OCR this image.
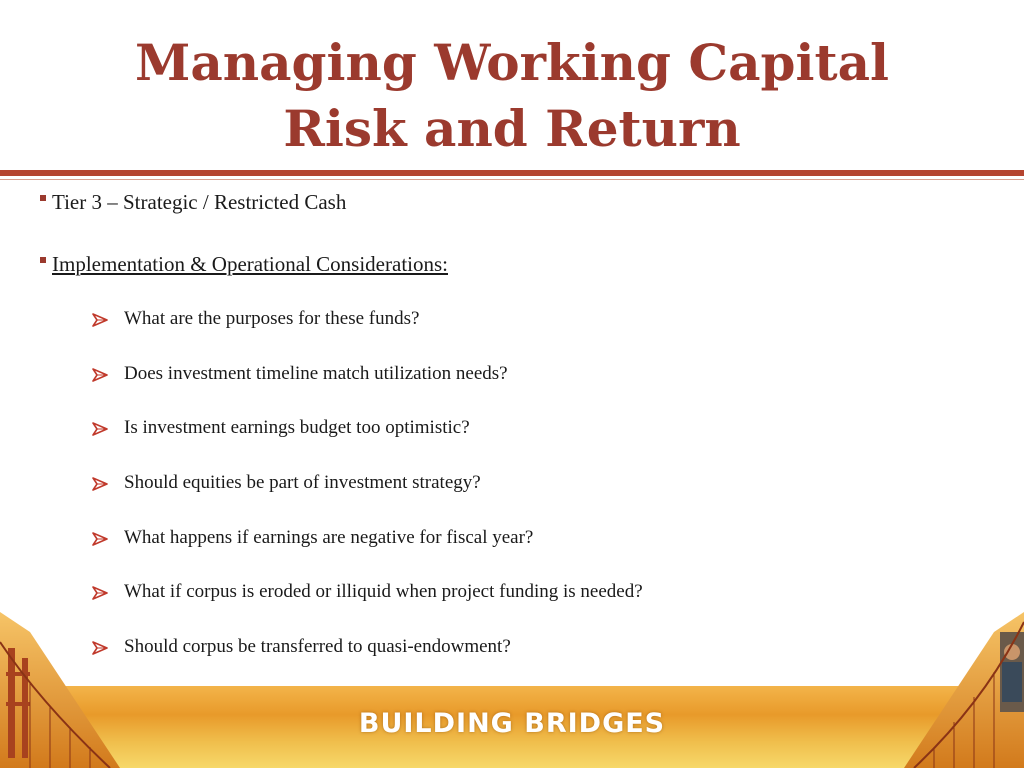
Managing Working Capital
Risk and Return
Tier 3 – Strategic / Restricted Cash
Implementation & Operational Considerations:
What are the purposes for these funds?
Does investment timeline match utilization needs?
Is investment earnings budget too optimistic?
Should equities be part of investment strategy?
What happens if earnings are negative for fiscal year?
What if corpus is eroded or illiquid when project funding is needed?
Should corpus be transferred to quasi-endowment?
BUILDING BRIDGES
